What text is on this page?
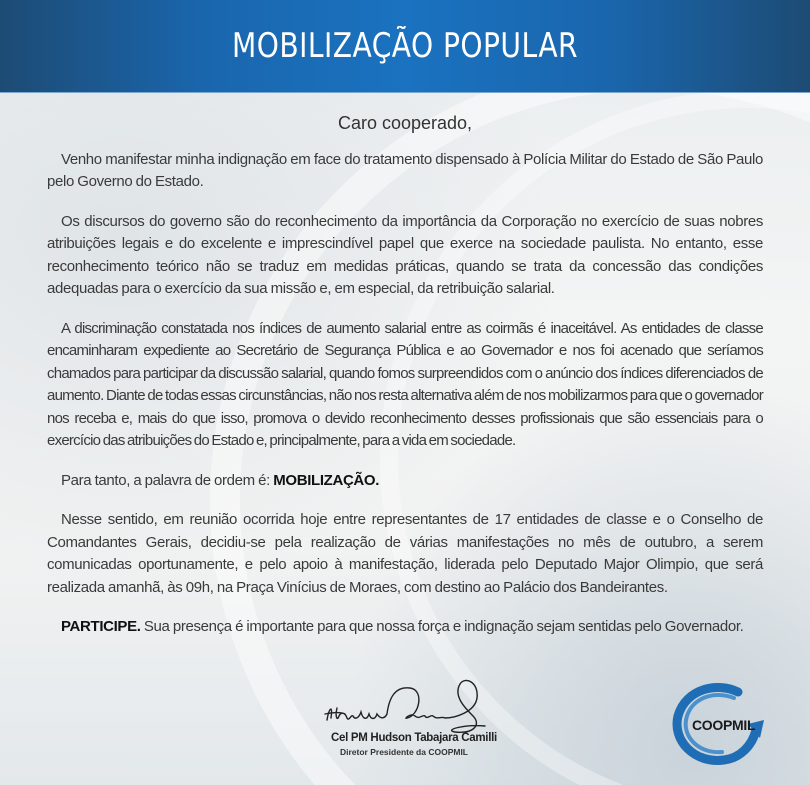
MOBILIZAÇÃO POPULAR
Caro cooperado,

Venho manifestar minha indignação em face do tratamento dispensado à Polícia Militar do Estado de São Paulo pelo Governo do Estado.

Os discursos do governo são do reconhecimento da importância da Corporação no exercício de suas nobres atribuições legais e do excelente e imprescindível papel que exerce na sociedade paulista. No entanto, esse reconhecimento teórico não se traduz em medidas práticas, quando se trata da concessão das condições adequadas para o exercício da sua missão e, em especial, da retribuição salarial.

A discriminação constatada nos índices de aumento salarial entre as coirmãs é inaceitável. As entidades de classe encaminharam expediente ao Secretário de Segurança Pública e ao Governador e nos foi acenado que seríamos chamados para participar da discussão salarial, quando fomos surpreendidos com o anúncio dos índices diferenciados de aumento. Diante de todas essas circunstâncias, não nos resta alternativa além de nos mobilizarmos para que o governador nos receba e, mais do que isso, promova o devido reconhecimento desses profissionais que são essenciais para o exercício das atribuições do Estado e, principalmente, para a vida em sociedade.

Para tanto, a palavra de ordem é: MOBILIZAÇÃO.

Nesse sentido, em reunião ocorrida hoje entre representantes de 17 entidades de classe e o Conselho de Comandantes Gerais, decidiu-se pela realização de várias manifestações no mês de outubro, a serem comunicadas oportunamente, e pelo apoio à manifestação, liderada pelo Deputado Major Olimpio, que será realizada amanhã, às 09h, na Praça Vinícius de Moraes, com destino ao Palácio dos Bandeirantes.

PARTICIPE. Sua presença é importante para que nossa força e indignação sejam sentidas pelo Governador.

Cel PM Hudson Tabajara Camilli
Diretor Presidente da COOPMIL
COOPMIL
